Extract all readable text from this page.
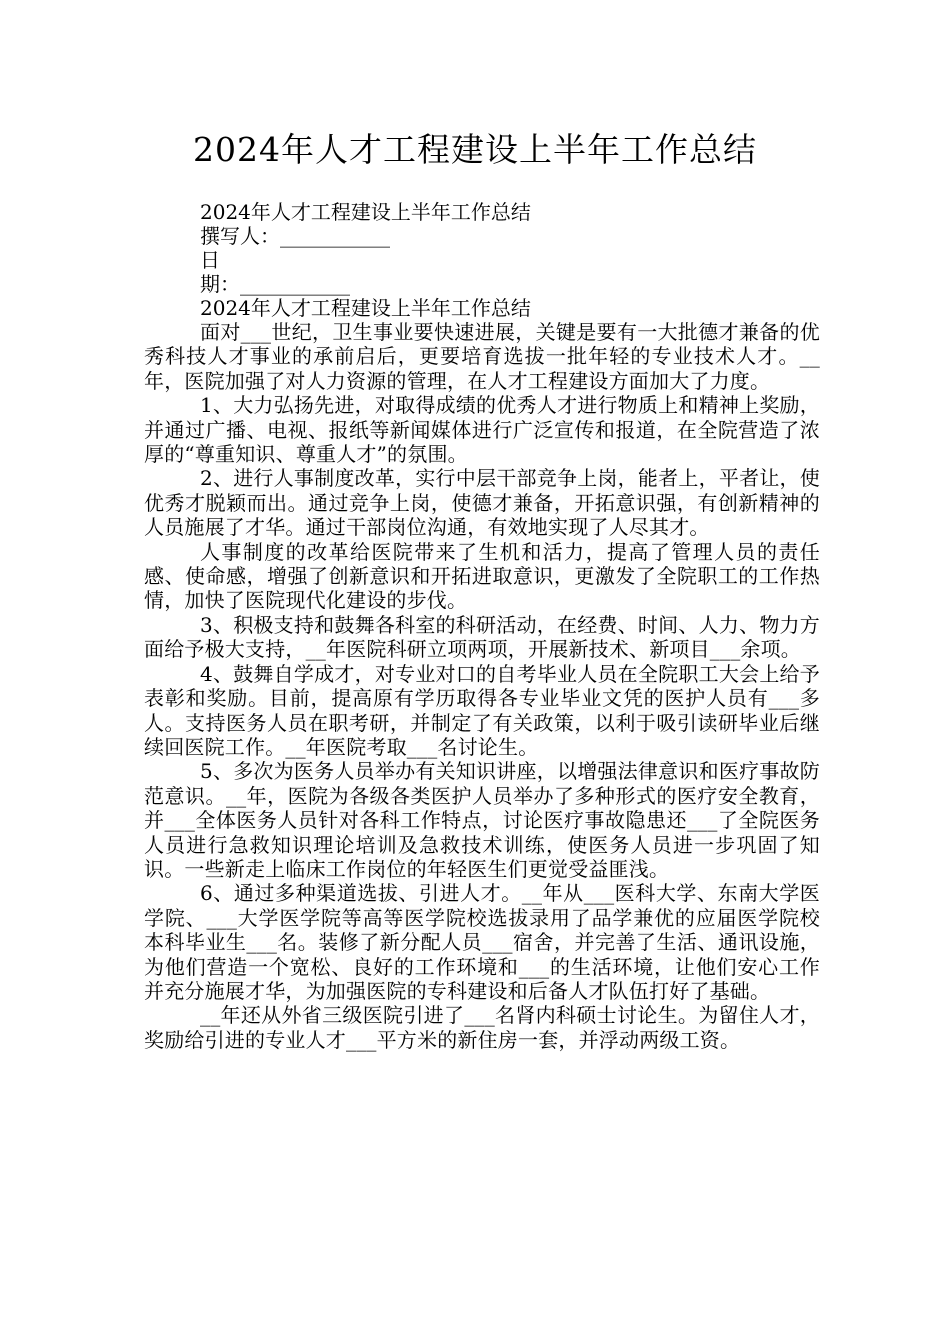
2024年人才工程建设上半年工作总结
2024年人才工程建设上半年工作总结
撰写人：___________
日
期：___________
2024年人才工程建设上半年工作总结

面对___世纪，卫生事业要快速进展，关键是要有一大批德才兼备的优秀科技人才事业的承前启后，更要培育选拔一批年轻的专业技术人才。__年，医院加强了对人力资源的管理，在人才工程建设方面加大了力度。

1、大力弘扬先进，对取得成绩的优秀人才进行物质上和精神上奖励，并通过广播、电视、报纸等新闻媒体进行广泛宣传和报道，在全院营造了浓厚的“尊重知识、尊重人才”的氛围。

2、进行人事制度改革，实行中层干部竞争上岗，能者上，平者让，使优秀才脱颖而出。通过竞争上岗，使德才兼备，开拓意识强，有创新精神的人员施展了才华。通过干部岗位沟通，有效地实现了人尽其才。

人事制度的改革给医院带来了生机和活力，提高了管理人员的责任感、使命感，增强了创新意识和开拓进取意识，更激发了全院职工的工作热情，加快了医院现代化建设的步伐。

3、积极支持和鼓舞各科室的科研活动，在经费、时间、人力、物力方面给予极大支持，__年医院科研立项两项，开展新技术、新项目___余项。

4、鼓舞自学成才，对专业对口的自考毕业人员在全院职工大会上给予表彰和奖励。目前，提高原有学历取得各专业毕业文凭的医护人员有___多人。支持医务人员在职考研，并制定了有关政策，以利于吸引读研毕业后继续回医院工作。__年医院考取___名讨论生。

5、多次为医务人员举办有关知识讲座，以增强法律意识和医疗事故防范意识。__年，医院为各级各类医护人员举办了多种形式的医疗安全教育，并___全体医务人员针对各科工作特点，讨论医疗事故隐患还___了全院医务人员进行急救知识理论培训及急救技术训练，使医务人员进一步巩固了知识。一些新走上临床工作岗位的年轻医生们更觉受益匪浅。

6、通过多种渠道选拔、引进人才。__年从___医科大学、东南大学医学院、___大学医学院等高等医学院校选拔录用了品学兼优的应届医学院校本科毕业生___名。装修了新分配人员___宿舍，并完善了生活、通讯设施，为他们营造一个宽松、良好的工作环境和___的生活环境，让他们安心工作并充分施展才华，为加强医院的专科建设和后备人才队伍打好了基础。

__年还从外省三级医院引进了___名肾内科硕士讨论生。为留住人才，奖励给引进的专业人才___平方米的新住房一套，并浮动两级工资。
